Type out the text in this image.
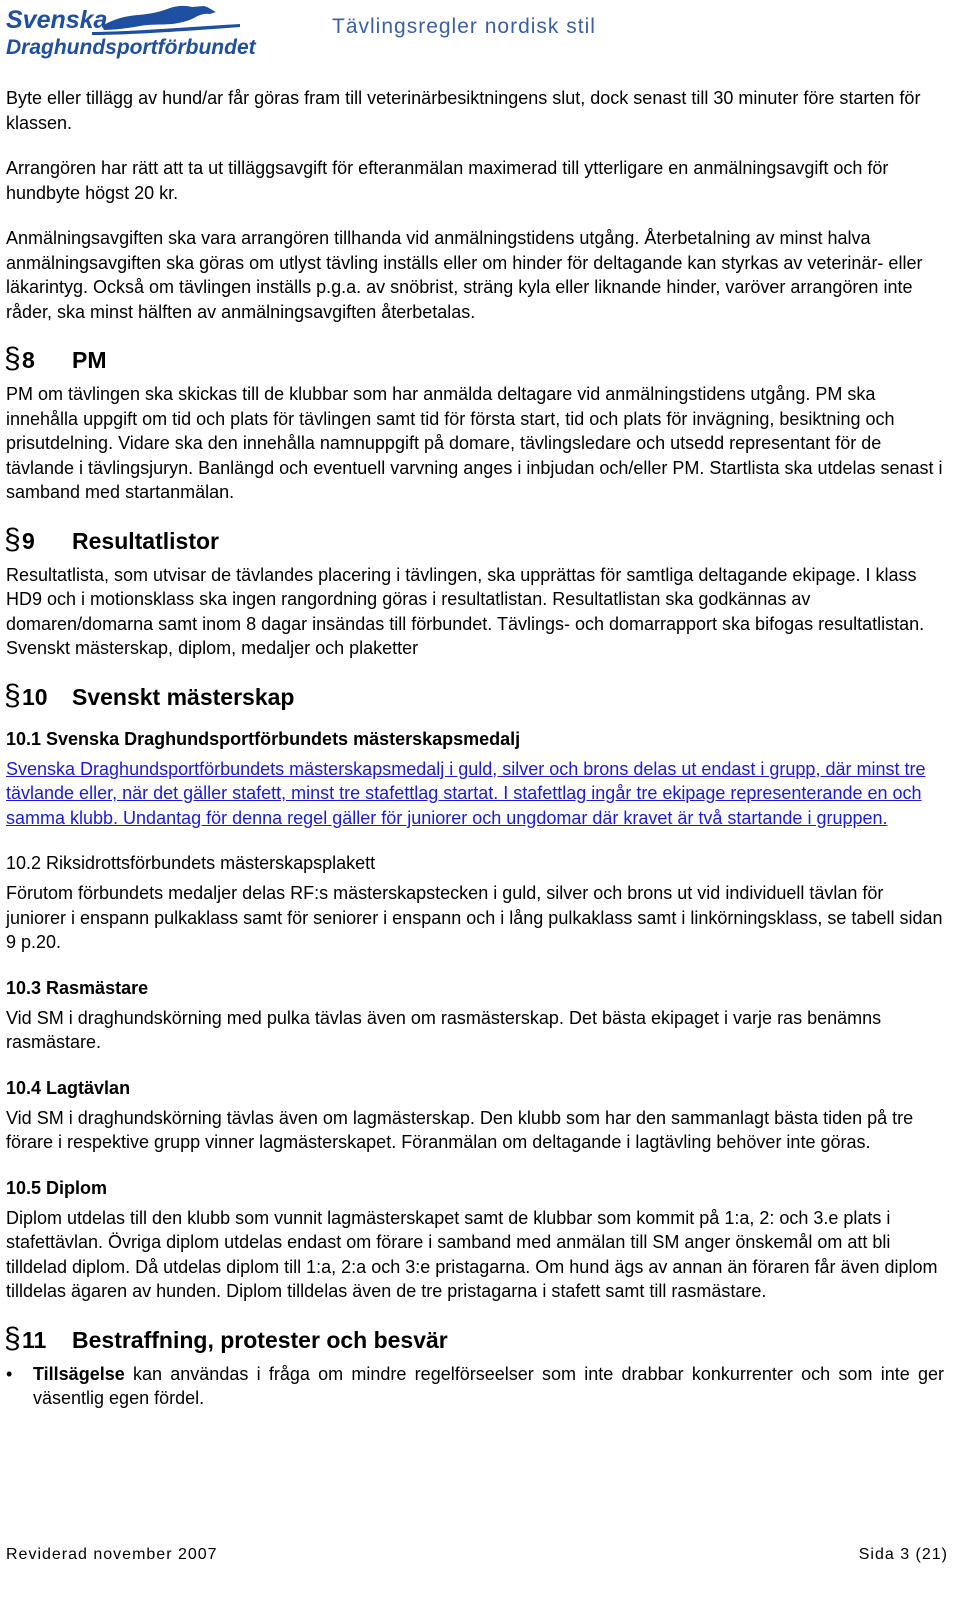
Svenska
Draghundsportförbundet
Tävlingsregler nordisk stil

Byte eller tillägg av hund/ar får göras fram till veterinärbesiktningens slut, dock senast till 30 minuter före starten för klassen.

Arrangören har rätt att ta ut tilläggsavgift för efteranmälan maximerad till ytterligare en anmälningsavgift och för hundbyte högst 20 kr.

Anmälningsavgiften ska vara arrangören tillhanda vid anmälningstidens utgång. Återbetalning av minst halva anmälningsavgiften ska göras om utlyst tävling inställs eller om hinder för deltagande kan styrkas av veterinär- eller läkarintyg. Också om tävlingen inställs p.g.a. av snöbrist, sträng kyla eller liknande hinder, varöver arrangören inte råder, ska minst hälften av anmälningsavgiften återbetalas.

§ 8	PM

PM om tävlingen ska skickas till de klubbar som har anmälda deltagare vid anmälningstidens utgång. PM ska innehålla uppgift om tid och plats för tävlingen samt tid för första start, tid och plats för invägning, besiktning och prisutdelning. Vidare ska den innehålla namnuppgift på domare, tävlingsledare och utsedd representant för de tävlande i tävlingsjuryn. Banlängd och eventuell varvning anges i inbjudan och/eller PM. Startlista ska utdelas senast i samband med startanmälan.

§ 9	Resultatlistor

Resultatlista, som utvisar de tävlandes placering i tävlingen, ska upprättas för samtliga deltagande ekipage. I klass HD9 och i motionsklass ska ingen rangordning göras i resultatlistan. Resultatlistan ska godkännas av domaren/domarna samt inom 8 dagar insändas till förbundet. Tävlings- och domarrapport ska bifogas resultatlistan. Svenskt mästerskap, diplom, medaljer och plaketter

§ 10	Svenskt mästerskap
10.1 Svenska Draghundsportförbundets mästerskapsmedalj

Svenska Draghundsportförbundets mästerskapsmedalj i guld, silver och brons delas ut endast i grupp, där minst tre tävlande eller, när det gäller stafett, minst tre stafettlag startat. I stafettlag ingår tre ekipage representerande en och samma klubb. Undantag för denna regel gäller för juniorer och ungdomar där kravet är två startande i gruppen.

10.2 Riksidrottsförbundets mästerskapsplakett

Förutom förbundets medaljer delas RF:s mästerskapstecken i guld, silver och brons ut vid individuell tävlan för juniorer i enspann pulkaklass samt för seniorer i enspann och i lång pulkaklass samt i linkörningsklass, se tabell sidan 9 p.20.

10.3 Rasmästare

Vid SM i draghundskörning med pulka tävlas även om rasmästerskap. Det bästa ekipaget i varje ras benämns rasmästare.

10.4 Lagtävlan

Vid SM i draghundskörning tävlas även om lagmästerskap. Den klubb som har den sammanlagt bästa tiden på tre förare i respektive grupp vinner lagmästerskapet. Föranmälan om deltagande i lagtävling behöver inte göras.

10.5 Diplom

Diplom utdelas till den klubb som vunnit lagmästerskapet samt de klubbar som kommit på 1:a, 2: och 3.e plats i stafettävlan. Övriga diplom utdelas endast om förare i samband med anmälan till SM anger önskemål om att bli tilldelad diplom. Då utdelas diplom till 1:a, 2:a och 3:e pristagarna. Om hund ägs av annan än föraren får även diplom tilldelas ägaren av hunden. Diplom tilldelas även de tre pristagarna i stafett samt till rasmästare.

§ 11	Bestraffning, protester och besvär
•	Tillsägelse kan användas i fråga om mindre regelförseelser som inte drabbar konkurrenter och som inte ger väsentlig egen fördel.
Reviderad november 2007	Sida 3 (21)
